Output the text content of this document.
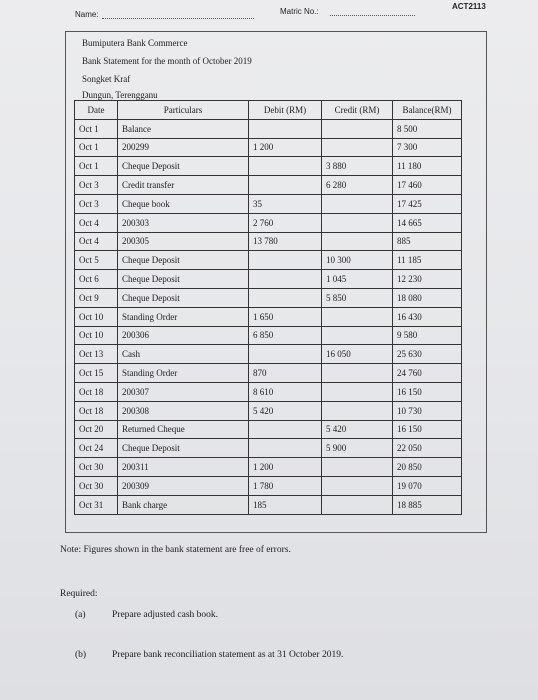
Name:	Matric No.:
ACT2113
Bumiputera Bank Commerce
Bank Statement for the month of October 2019
Songket Kraf
Dungun, Terengganu
Date	Particulars	Debit (RM)	Credit (RM)	Balance(RM)
Oct 1	Balance			8 500
Oct 1	200299	1 200		7 300
Oct 1	Cheque Deposit		3 880	11 180
Oct 3	Credit transfer		6 280	17 460
Oct 3	Cheque book	35		17 425
Oct 4	200303	2 760		14 665
Oct 4	200305	13 780		885
Oct 5	Cheque Deposit		10 300	11 185
Oct 6	Cheque Deposit		1 045	12 230
Oct 9	Cheque Deposit		5 850	18 080
Oct 10	Standing Order	1 650		16 430
Oct 10	200306	6 850		9 580
Oct 13	Cash		16 050	25 630
Oct 15	Standing Order	870		24 760
Oct 18	200307	8 610		16 150
Oct 18	200308	5 420		10 730
Oct 20	Returned Cheque		5 420	16 150
Oct 24	Cheque Deposit		5 900	22 050
Oct 30	200311	1 200		20 850
Oct 30	200309	1 780		19 070
Oct 31	Bank charge	185		18 885
Note: Figures shown in the bank statement are free of errors.
Required:
(a)	Prepare adjusted cash book.
(b)	Prepare bank reconciliation statement as at 31 October 2019.
